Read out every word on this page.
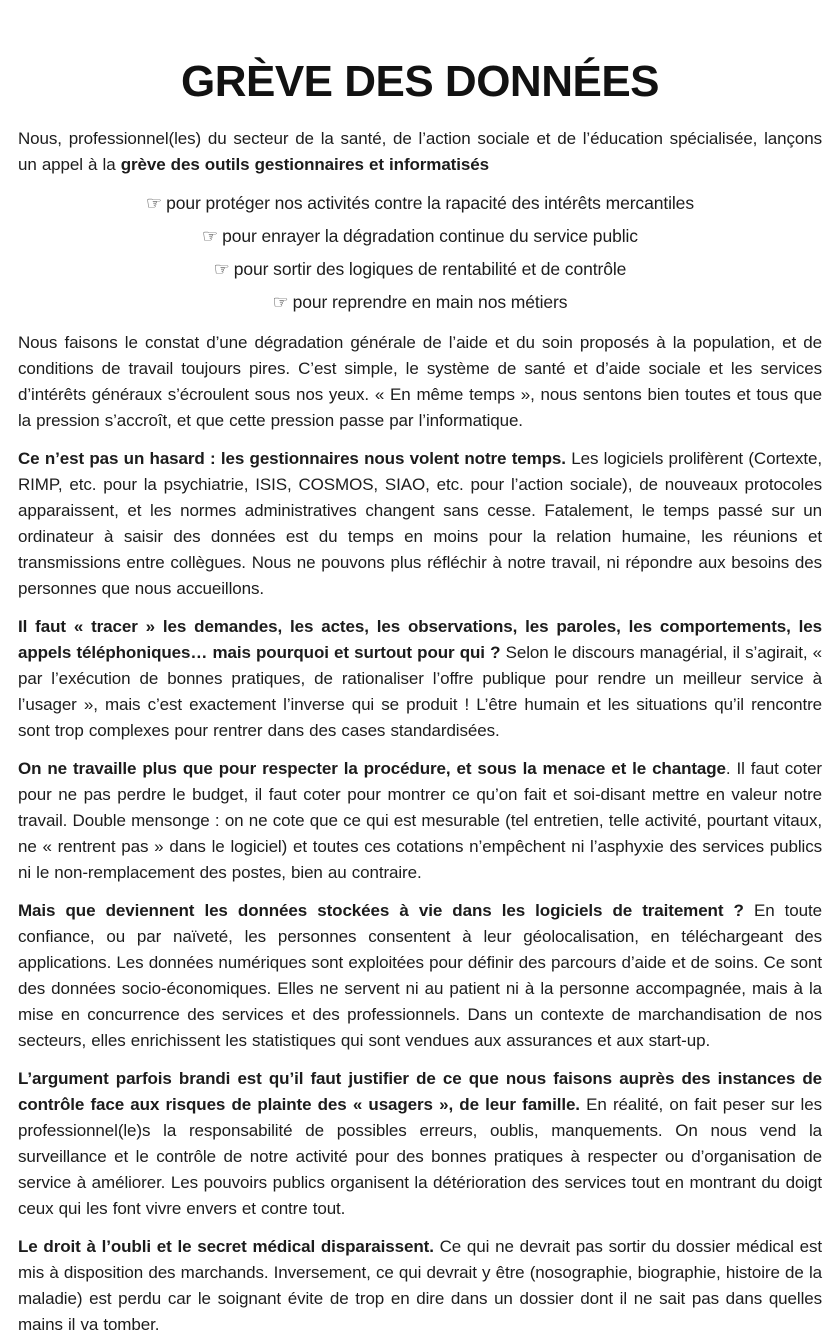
GRÈVE DES DONNÉES

Nous, professionnel(les) du secteur de la santé, de l’action sociale et de l’éducation spécialisée, lançons un appel à la grève des outils gestionnaires et informatisés

☞ pour protéger nos activités contre la rapacité des intérêts mercantiles

☞ pour enrayer la dégradation continue du service public

☞ pour sortir des logiques de rentabilité et de contrôle

☞ pour reprendre en main nos métiers

Nous faisons le constat d’une dégradation générale de l’aide et du soin proposés à la population, et de conditions de travail toujours pires. C’est simple, le système de santé et d’aide sociale et les services d’intérêts généraux s’écroulent sous nos yeux. « En même temps », nous sentons bien toutes et tous que la pression s’accroît, et que cette pression passe par l’informatique.

Ce n’est pas un hasard : les gestionnaires nous volent notre temps. Les logiciels prolifèrent (Cortexte, RIMP, etc. pour la psychiatrie, ISIS, COSMOS, SIAO, etc. pour l’action sociale), de nouveaux protocoles apparaissent, et les normes administratives changent sans cesse. Fatalement, le temps passé sur un ordinateur à saisir des données est du temps en moins pour la relation humaine, les réunions et transmissions entre collègues. Nous ne pouvons plus réfléchir à notre travail, ni répondre aux besoins des personnes que nous accueillons.

Il faut « tracer » les demandes, les actes, les observations, les paroles, les comportements, les appels téléphoniques… mais pourquoi et surtout pour qui ? Selon le discours managérial, il s’agirait, « par l’exécution de bonnes pratiques, de rationaliser l’offre publique pour rendre un meilleur service à l’usager », mais c’est exactement l’inverse qui se produit ! L’être humain et les situations qu’il rencontre sont trop complexes pour rentrer dans des cases standardisées.

On ne travaille plus que pour respecter la procédure, et sous la menace et le chantage. Il faut coter pour ne pas perdre le budget, il faut coter pour montrer ce qu’on fait et soi-disant mettre en valeur notre travail. Double mensonge : on ne cote que ce qui est mesurable (tel entretien, telle activité, pourtant vitaux, ne « rentrent pas » dans le logiciel) et toutes ces cotations n’empêchent ni l’asphyxie des services publics ni le non-remplacement des postes, bien au contraire.

Mais que deviennent les données stockées à vie dans les logiciels de traitement ? En toute confiance, ou par naïveté, les personnes consentent à leur géolocalisation, en téléchargeant des applications. Les données numériques sont exploitées pour définir des parcours d’aide et de soins. Ce sont des données socio-économiques. Elles ne servent ni au patient ni à la personne accompagnée, mais à la mise en concurrence des services et des professionnels. Dans un contexte de marchandisation de nos secteurs, elles enrichissent les statistiques qui sont vendues aux assurances et aux start-up.

L’argument parfois brandi est qu’il faut justifier de ce que nous faisons auprès des instances de contrôle face aux risques de plainte des « usagers », de leur famille. En réalité, on fait peser sur les professionnel(le)s la responsabilité de possibles erreurs, oublis, manquements. On nous vend la surveillance et le contrôle de notre activité pour des bonnes pratiques à respecter ou d’organisation de service à améliorer. Les pouvoirs publics organisent la détérioration des services tout en montrant du doigt ceux qui les font vivre envers et contre tout.

Le droit à l’oubli et le secret médical disparaissent. Ce qui ne devrait pas sortir du dossier médical est mis à disposition des marchands. Inversement, ce qui devrait y être (nosographie, biographie, histoire de la maladie) est perdu car le soignant évite de trop en dire dans un dossier dont il ne sait pas dans quelles mains il va tomber.
